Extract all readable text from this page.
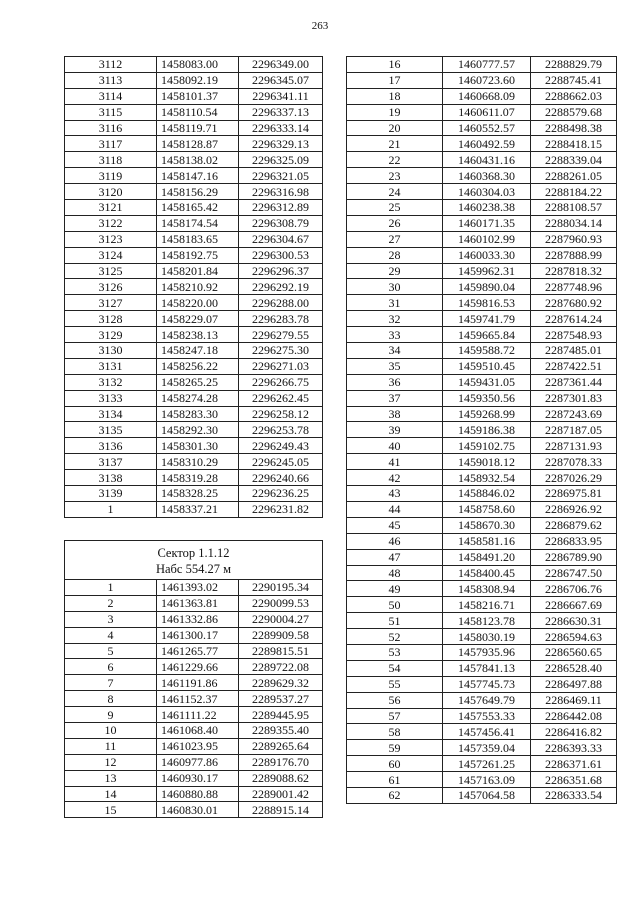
263
3112	1458083.00	2296349.00
3113	1458092.19	2296345.07
3114	1458101.37	2296341.11
3115	1458110.54	2296337.13
3116	1458119.71	2296333.14
3117	1458128.87	2296329.13
3118	1458138.02	2296325.09
3119	1458147.16	2296321.05
3120	1458156.29	2296316.98
3121	1458165.42	2296312.89
3122	1458174.54	2296308.79
3123	1458183.65	2296304.67
3124	1458192.75	2296300.53
3125	1458201.84	2296296.37
3126	1458210.92	2296292.19
3127	1458220.00	2296288.00
3128	1458229.07	2296283.78
3129	1458238.13	2296279.55
3130	1458247.18	2296275.30
3131	1458256.22	2296271.03
3132	1458265.25	2296266.75
3133	1458274.28	2296262.45
3134	1458283.30	2296258.12
3135	1458292.30	2296253.78
3136	1458301.30	2296249.43
3137	1458310.29	2296245.05
3138	1458319.28	2296240.66
3139	1458328.25	2296236.25
1	1458337.21	2296231.82
Сектор 1.1.12
Набс 554.27 м		

1	1461393.02	2290195.34
2	1461363.81	2290099.53
3	1461332.86	2290004.27
4	1461300.17	2289909.58
5	1461265.77	2289815.51
6	1461229.66	2289722.08
7	1461191.86	2289629.32
8	1461152.37	2289537.27
9	1461111.22	2289445.95
10	1461068.40	2289355.40
11	1461023.95	2289265.64
12	1460977.86	2289176.70
13	1460930.17	2289088.62
14	1460880.88	2289001.42
15	1460830.01	2288915.14
16	1460777.57	2288829.79
17	1460723.60	2288745.41
18	1460668.09	2288662.03
19	1460611.07	2288579.68
20	1460552.57	2288498.38
21	1460492.59	2288418.15
22	1460431.16	2288339.04
23	1460368.30	2288261.05
24	1460304.03	2288184.22
25	1460238.38	2288108.57
26	1460171.35	2288034.14
27	1460102.99	2287960.93
28	1460033.30	2287888.99
29	1459962.31	2287818.32
30	1459890.04	2287748.96
31	1459816.53	2287680.92
32	1459741.79	2287614.24
33	1459665.84	2287548.93
34	1459588.72	2287485.01
35	1459510.45	2287422.51
36	1459431.05	2287361.44
37	1459350.56	2287301.83
38	1459268.99	2287243.69
39	1459186.38	2287187.05
40	1459102.75	2287131.93
41	1459018.12	2287078.33
42	1458932.54	2287026.29
43	1458846.02	2286975.81
44	1458758.60	2286926.92
45	1458670.30	2286879.62
46	1458581.16	2286833.95
47	1458491.20	2286789.90
48	1458400.45	2286747.50
49	1458308.94	2286706.76
50	1458216.71	2286667.69
51	1458123.78	2286630.31
52	1458030.19	2286594.63
53	1457935.96	2286560.65
54	1457841.13	2286528.40
55	1457745.73	2286497.88
56	1457649.79	2286469.11
57	1457553.33	2286442.08
58	1457456.41	2286416.82
59	1457359.04	2286393.33
60	1457261.25	2286371.61
61	1457163.09	2286351.68
62	1457064.58	2286333.54
